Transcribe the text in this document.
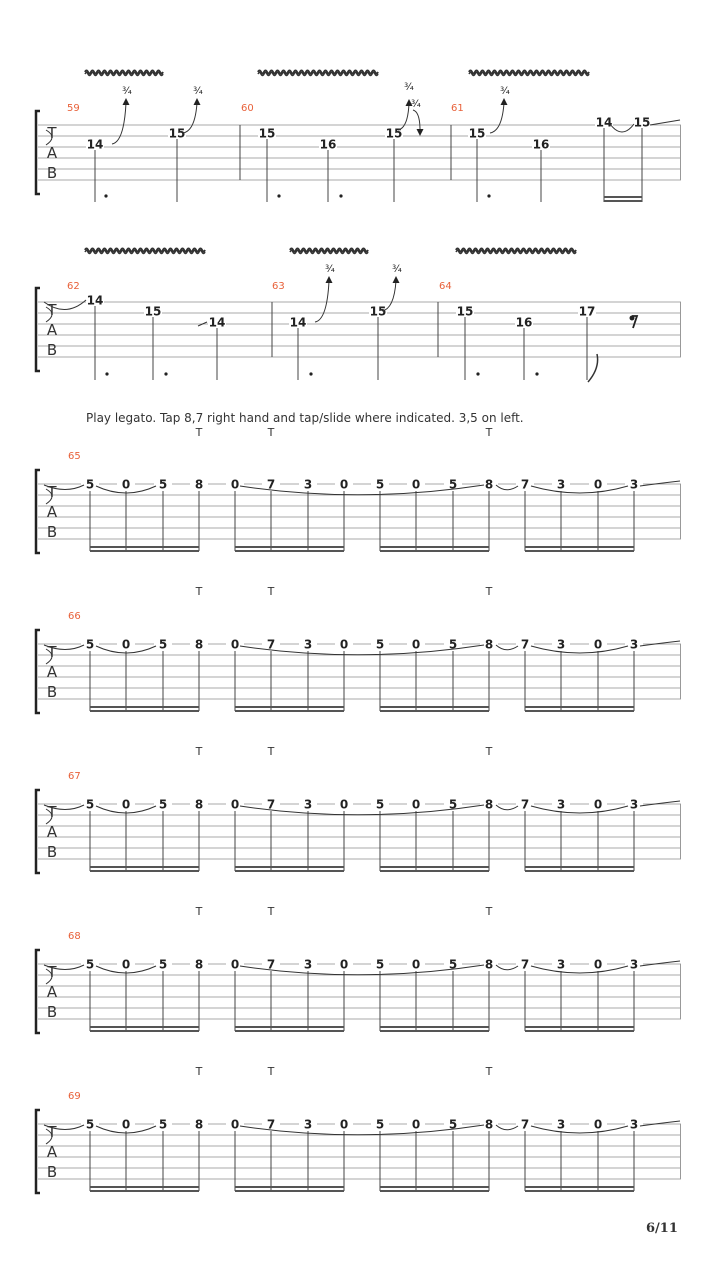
T
A
B
59	60	61
14
15	15
16
15	15
16
14 15
¾	¾	¾
¾
¾
T
A
B
62	63	64
14
15
14	14
15	15
16
17
¾	¾
T
A
B
65
T	T	T
5 0 5 8 0 7 3 0 5 0 5 8 7 3 0 3
T
A
B
66
T	T	T
5 0 5 8 0 7 3 0 5 0 5 8 7 3 0 3
T
A
B
67
T	T	T
5 0 5 8 0 7 3 0 5 0 5 8 7 3 0 3
T
A
B
68
T	T	T
5 0 5 8 0 7 3 0 5 0 5 8 7 3 0 3
T
A
B
69
T	T	T
5 0 5 8 0 7 3 0 5 0 5 8 7 3 0 3
Play legato. Tap 8,7 right hand and tap/slide where indicated. 3,5 on left.
6/11
